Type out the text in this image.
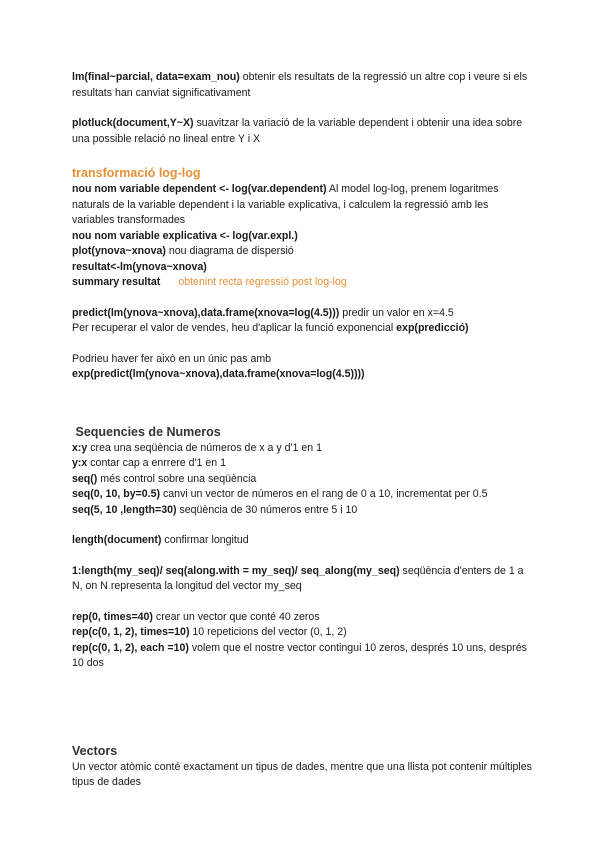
lm(final~parcial, data=exam_nou) obtenir els resultats de la regressió un altre cop i veure si els resultats han canviat significativament

plotluck(document,Y~X) suavitzar la variació de la variable dependent i obtenir una idea sobre una possible relació no lineal entre Y i X

transformació log-log

nou nom variable dependent <- log(var.dependent) Al model log-log, prenem logaritmes naturals de la variable dependent i la variable explicativa, i calculem la regressió amb les variables transformades

nou nom variable explicativa <- log(var.expl.)

plot(ynova~xnova) nou diagrama de dispersió

resultat<-lm(ynova~xnova)

summary resultat obtenint recta regressió post log-log

predict(lm(ynova~xnova),data.frame(xnova=log(4.5))) predir un valor en x=4.5

Per recuperar el valor de vendes, heu d'aplicar la funció exponencial exp(predicció)

Podrieu haver fer això en un únic pas amb

exp(predict(lm(ynova~xnova),data.frame(xnova=log(4.5))))

Sequencies de Numeros

x:y crea una seqüència de números de x a y d'1 en 1

y:x contar cap a enrrere d'1 en 1

seq() més control sobre una seqüència

seq(0, 10, by=0.5) canvi un vector de números en el rang de 0 a 10, incrementat per 0.5

seq(5, 10 ,length=30) seqüència de 30 números entre 5 i 10

length(document) confirmar longitud

1:length(my_seq)/ seq(along.with = my_seq)/ seq_along(my_seq) seqüència d'enters de 1 a N, on N representa la longitud del vector my_seq

rep(0, times=40) crear un vector que conté 40 zeros

rep(c(0, 1, 2), times=10) 10 repeticions del vector (0, 1, 2)

rep(c(0, 1, 2), each =10) volem que el nostre vector contingui 10 zeros, després 10 uns, després 10 dos

Vectors

Un vector atòmic conté exactament un tipus de dades, mentre que una llista pot contenir múltiples tipus de dades
